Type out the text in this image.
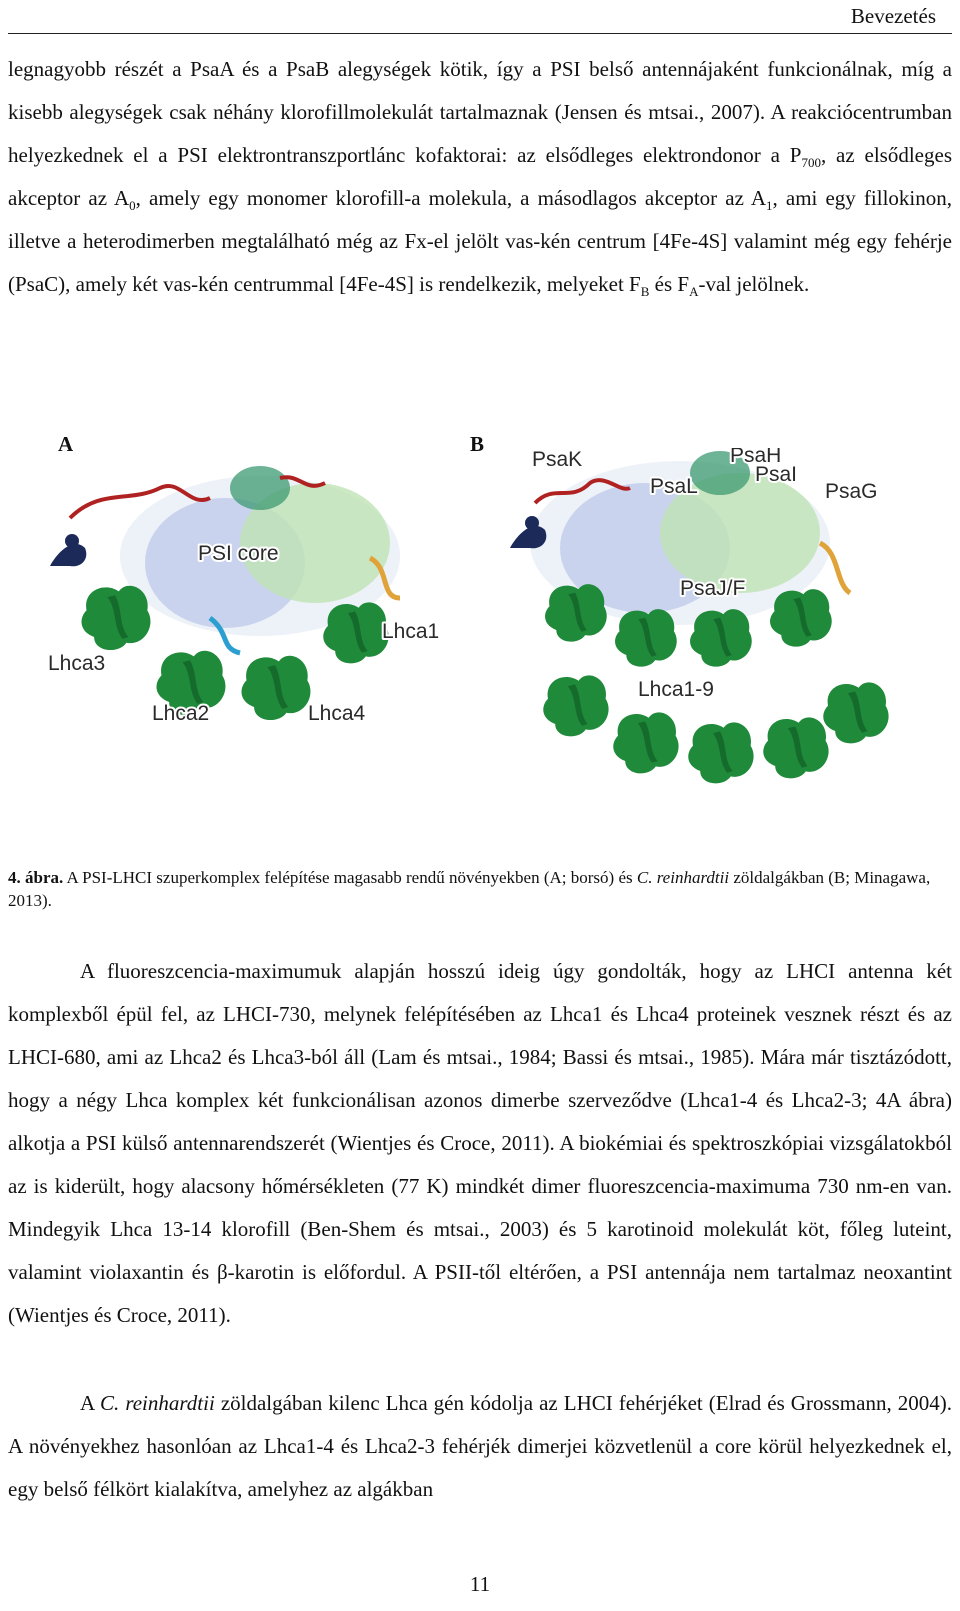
Bevezetés

legnagyobb részét a PsaA és a PsaB alegységek kötik, így a PSI belső antennájaként funkcionálnak, míg a kisebb alegységek csak néhány klorofillmolekulát tartalmaznak (Jensen és mtsai., 2007). A reakciócentrumban helyezkednek el a PSI elektrontranszportlánc kofaktorai: az elsődleges elektrondonor a $P_{700}$, az elsődleges akceptor az $A_0$, amely egy monomer klorofill-a molekula, a másodlagos akceptor az $A_1$, ami egy fillokinon, illetve a heterodimerben megtalálható még az Fx-el jelölt vas-kén centrum [4Fe-4S] valamint még egy fehérje (PsaC), amely két vas-kén centrummal [4Fe-4S] is rendelkezik, melyeket $F_B$ és $F_A$-val jelölnek.

A	B
PSI core
Lhca1
Lhca3
Lhca2	Lhca4
PsaH
PsaK
PsaI
PsaL	PsaG
PsaJ/F
Lhca1-9

4. ábra. A PSI-LHCI szuperkomplex felépítése magasabb rendű növényekben (A; borsó) és C. reinhardtii zöldalgákban (B; Minagawa, 2013).

A fluoreszcencia-maximumuk alapján hosszú ideig úgy gondolták, hogy az LHCI antenna két komplexből épül fel, az LHCI-730, melynek felépítésében az Lhca1 és Lhca4 proteinek vesznek részt és az LHCI-680, ami az Lhca2 és Lhca3-ból áll (Lam és mtsai., 1984; Bassi és mtsai., 1985). Mára már tisztázódott, hogy a négy Lhca komplex két funkcionálisan azonos dimerbe szerveződve (Lhca1-4 és Lhca2-3; 4A ábra) alkotja a PSI külső antennarendszerét (Wientjes és Croce, 2011). A biokémiai és spektroszkópiai vizsgálatokból az is kiderült, hogy alacsony hőmérsékleten (77 K) mindkét dimer fluoreszcencia-maximuma 730 nm-en van. Mindegyik Lhca 13-14 klorofill (Ben-Shem és mtsai., 2003) és 5 karotinoid molekulát köt, főleg luteint, valamint violaxantin és β-karotin is előfordul. A PSII-től eltérően, a PSI antennája nem tartalmaz neoxantint (Wientjes és Croce, 2011).

A C. reinhardtii zöldalgában kilenc Lhca gén kódolja az LHCI fehérjéket (Elrad és Grossmann, 2004). A növényekhez hasonlóan az Lhca1-4 és Lhca2-3 fehérjék dimerjei közvetlenül a core körül helyezkednek el, egy belső félkört kialakítva, amelyhez az algákban

11
